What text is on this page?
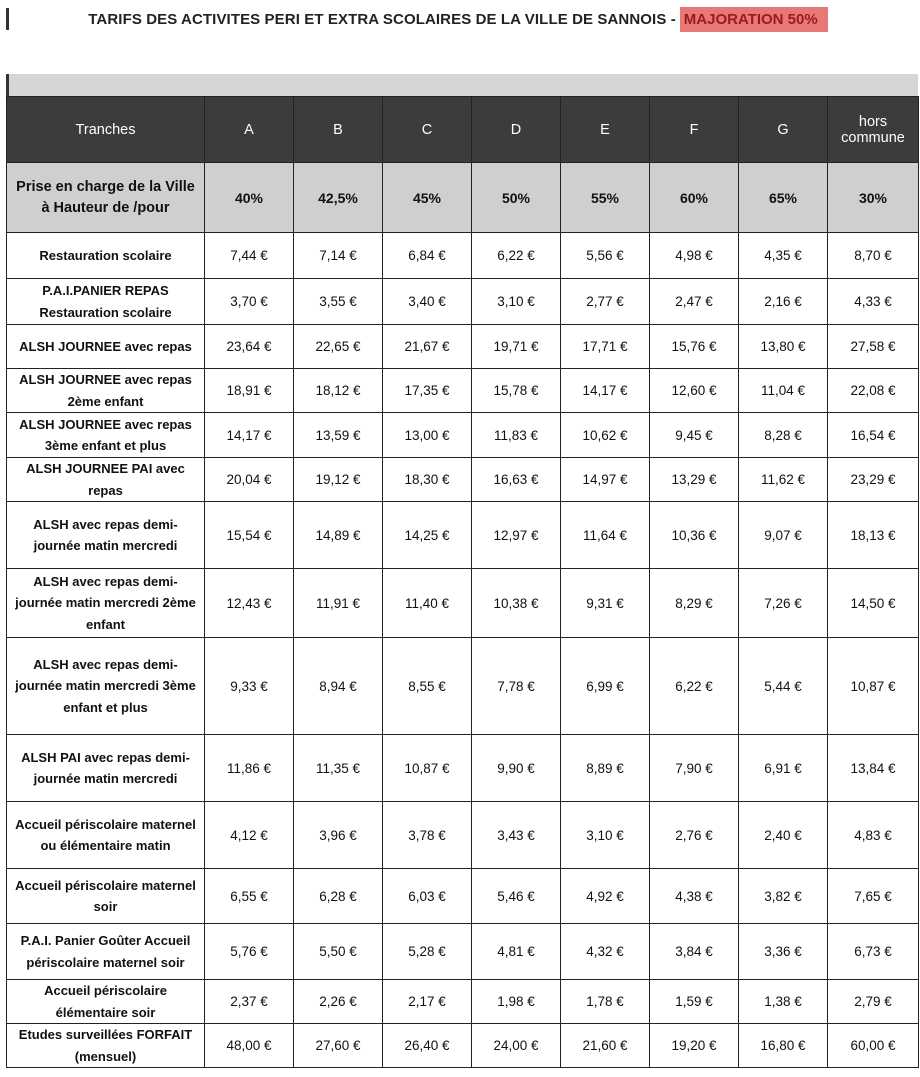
TARIFS DES ACTIVITES PERI ET EXTRA SCOLAIRES DE LA VILLE DE SANNOIS - MAJORATION 50%
Tranches	A	B	C	D	E	F	G	hors commune
Prise en charge de la Ville à Hauteur de /pour	40%	42,5%	45%	50%	55%	60%	65%	30%
Restauration scolaire	7,44 €	7,14 €	6,84 €	6,22 €	5,56 €	4,98 €	4,35 €	8,70 €
P.A.I.PANIER REPAS Restauration scolaire	3,70 €	3,55 €	3,40 €	3,10 €	2,77 €	2,47 €	2,16 €	4,33 €
ALSH JOURNEE avec repas	23,64 €	22,65 €	21,67 €	19,71 €	17,71 €	15,76 €	13,80 €	27,58 €
ALSH JOURNEE avec repas 2ème enfant	18,91 €	18,12 €	17,35 €	15,78 €	14,17 €	12,60 €	11,04 €	22,08 €
ALSH JOURNEE avec repas 3ème enfant et plus	14,17 €	13,59 €	13,00 €	11,83 €	10,62 €	9,45 €	8,28 €	16,54 €
ALSH JOURNEE PAI avec repas	20,04 €	19,12 €	18,30 €	16,63 €	14,97 €	13,29 €	11,62 €	23,29 €
ALSH avec repas demi-journée matin mercredi	15,54 €	14,89 €	14,25 €	12,97 €	11,64 €	10,36 €	9,07 €	18,13 €
ALSH avec repas demi-journée matin mercredi 2ème enfant	12,43 €	11,91 €	11,40 €	10,38 €	9,31 €	8,29 €	7,26 €	14,50 €
ALSH avec repas demi-journée matin mercredi 3ème enfant et plus	9,33 €	8,94 €	8,55 €	7,78 €	6,99 €	6,22 €	5,44 €	10,87 €
ALSH PAI avec repas demi-journée matin mercredi	11,86 €	11,35 €	10,87 €	9,90 €	8,89 €	7,90 €	6,91 €	13,84 €
Accueil périscolaire maternel ou élémentaire matin	4,12 €	3,96 €	3,78 €	3,43 €	3,10 €	2,76 €	2,40 €	4,83 €
Accueil périscolaire maternel soir	6,55 €	6,28 €	6,03 €	5,46 €	4,92 €	4,38 €	3,82 €	7,65 €
P.A.I. Panier Goûter Accueil périscolaire maternel soir	5,76 €	5,50 €	5,28 €	4,81 €	4,32 €	3,84 €	3,36 €	6,73 €
Accueil périscolaire élémentaire soir	2,37 €	2,26 €	2,17 €	1,98 €	1,78 €	1,59 €	1,38 €	2,79 €
Etudes surveillées FORFAIT (mensuel)	48,00 €	27,60 €	26,40 €	24,00 €	21,60 €	19,20 €	16,80 €	60,00 €
